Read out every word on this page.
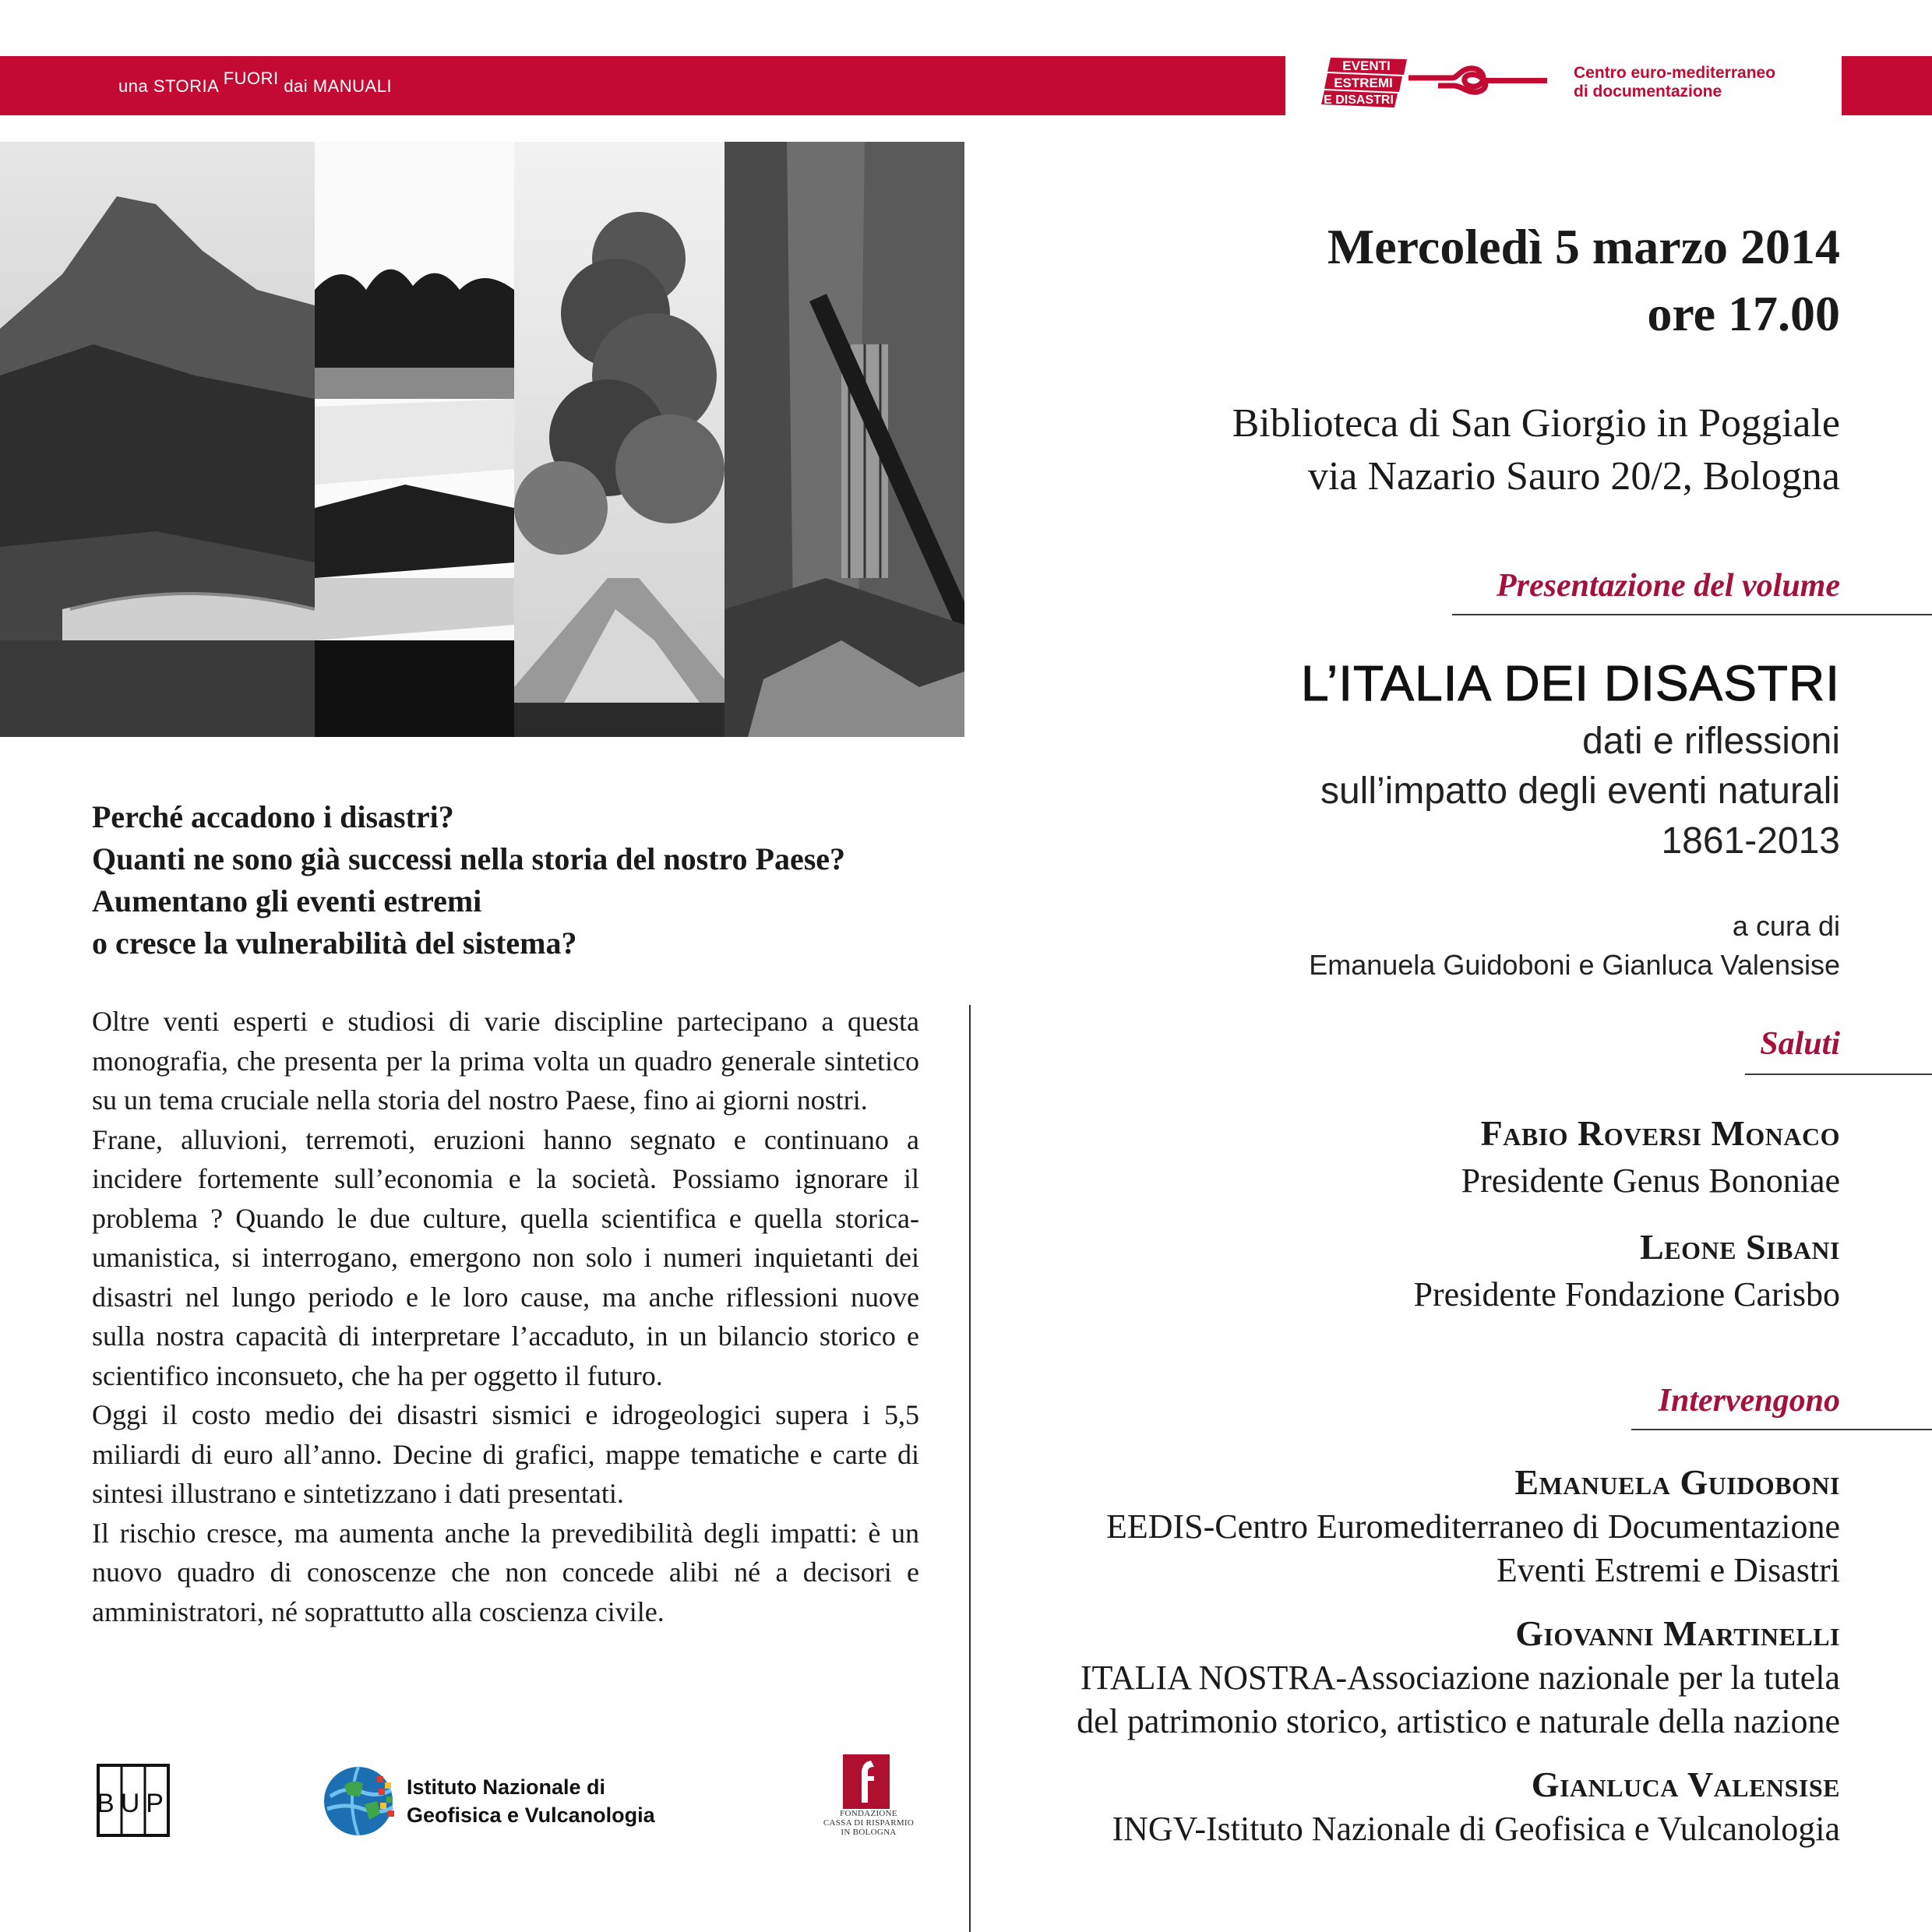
una STORIA FUORI dai MANUALI
EVENTI
ESTREMI
E DISASTRI
Centro euro-mediterraneo
di documentazione
Mercoledì 5 marzo 2014
ore 17.00
Biblioteca di San Giorgio in Poggiale
via Nazario Sauro 20/2, Bologna
Presentazione del volume
L’ITALIA DEI DISASTRI
dati e riflessioni
sull’impatto degli eventi naturali
1861-2013
a cura di
Emanuela Guidoboni e Gianluca Valensise
Saluti
Fabio Roversi Monaco
Presidente Genus Bononiae
Leone Sibani
Presidente Fondazione Carisbo
Intervengono
Emanuela Guidoboni
EEDIS-Centro Euromediterraneo di Documentazione
Eventi Estremi e Disastri
Giovanni Martinelli
ITALIA NOSTRA-Associazione nazionale per la tutela
del patrimonio storico, artistico e naturale della nazione
Gianluca Valensise
INGV-Istituto Nazionale di Geofisica e Vulcanologia
Perché accadono i disastri?
Quanti ne sono già successi nella storia del nostro Paese?
Aumentano gli eventi estremi
o cresce la vulnerabilità del sistema?

Oltre venti esperti e studiosi di varie discipline partecipano a questa monografia, che presenta per la prima volta un quadro generale sintetico su un tema cruciale nella storia del nostro Paese, fino ai giorni nostri.

Frane, alluvioni, terremoti, eruzioni hanno segnato e continuano a incidere fortemente sull’economia e la società. Possiamo ignorare il problema ? Quando le due culture, quella scientifica e quella storica- umanistica, si interrogano, emergono non solo i numeri inquietanti dei disastri nel lungo periodo e le loro cause, ma anche riflessioni nuove sulla nostra capacità di interpretare l’accaduto, in un bilancio storico e scientifico inconsueto, che ha per oggetto il futuro.

Oggi il costo medio dei disastri sismici e idrogeologici supera i 5,5 miliardi di euro all’anno. Decine di grafici, mappe tematiche e carte di sintesi illustrano e sintetizzano i dati presentati.

Il rischio cresce, ma aumenta anche la prevedibilità degli impatti: è un nuovo quadro di conoscenze che non concede alibi né a decisori e amministratori, né soprattutto alla coscienza civile.

BUP
Istituto Nazionale di
Geofisica e Vulcanologia	FONDAZIONE
CASSA DI RISPARMIO
IN BOLOGNA
